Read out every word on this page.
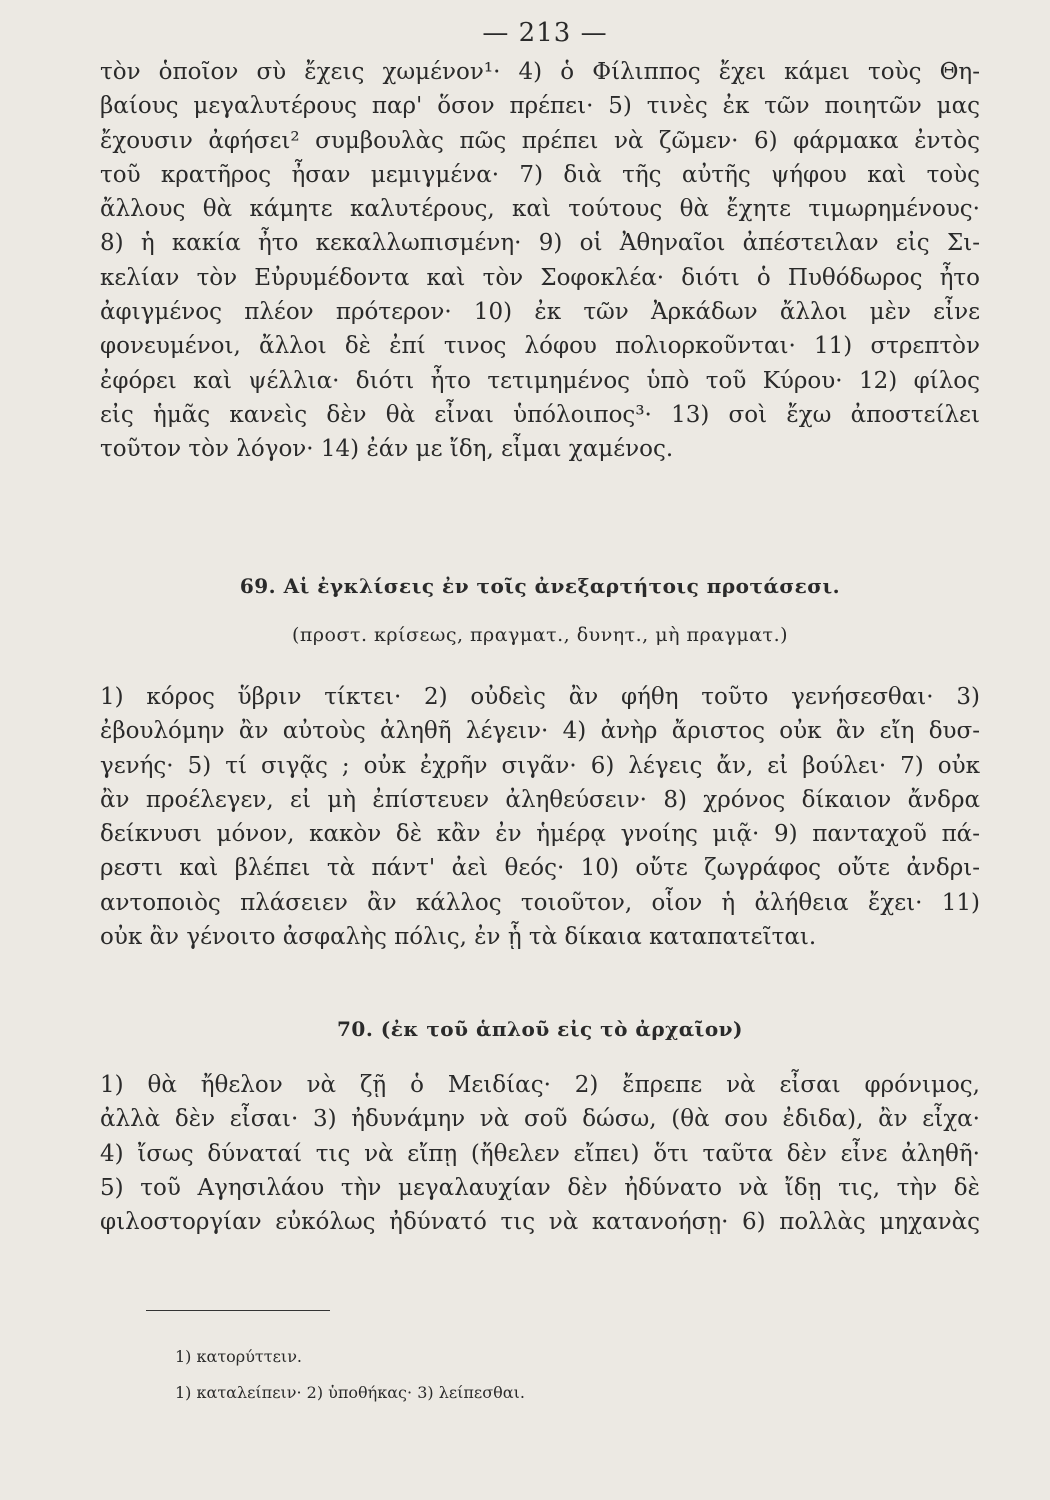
— 213 —
τὸν ὁποῖον σὺ ἔχεις χωμένον¹· 4) ὁ Φίλιππος ἔχει κάμει τοὺς Θη-
βαίους μεγαλυτέρους παρ' ὅσον πρέπει· 5) τινὲς ἐκ τῶν ποιητῶν μας
ἔχουσιν ἀφήσει² συμβουλὰς πῶς πρέπει νὰ ζῶμεν· 6) φάρμακα ἐντὸς
τοῦ κρατῆρος ἦσαν μεμιγμένα· 7) διὰ τῆς αὐτῆς ψήφου καὶ τοὺς
ἄλλους θὰ κάμητε καλυτέρους, καὶ τούτους θὰ ἔχητε τιμωρημένους·
8) ἡ κακία ἦτο κεκαλλωπισμένη· 9) οἱ Ἀθηναῖοι ἀπέστειλαν εἰς Σι-
κελίαν τὸν Εὐρυμέδοντα καὶ τὸν Σοφοκλέα· διότι ὁ Πυθόδωρος ἦτο
ἀφιγμένος πλέον πρότερον· 10) ἐκ τῶν Ἀρκάδων ἄλλοι μὲν εἶνε
φονευμένοι, ἄλλοι δὲ ἐπί τινος λόφου πολιορκοῦνται· 11) στρεπτὸν
ἐφόρει καὶ ψέλλια· διότι ἦτο τετιμημένος ὑπὸ τοῦ Κύρου· 12) φίλος
εἰς ἡμᾶς κανεὶς δὲν θὰ εἶναι ὑπόλοιπος³· 13) σοὶ ἔχω ἀποστείλει
τοῦτον τὸν λόγον· 14) ἐάν με ἴδη, εἶμαι χαμένος.
69. Αἱ ἐγκλίσεις ἐν τοῖς ἀνεξαρτήτοις προτάσεσι.
(προστ. κρίσεως, πραγματ., δυνητ., μὴ πραγματ.)
1) κόρος ὕβριν τίκτει· 2) οὐδεὶς ἂν φήθη τοῦτο γενήσεσθαι· 3)
ἐβουλόμην ἂν αὐτοὺς ἀληθῆ λέγειν· 4) ἀνὴρ ἄριστος οὐκ ἂν εἴη δυσ-
γενής· 5) τί σιγᾷς ; οὐκ ἐχρῆν σιγᾶν· 6) λέγεις ἄν, εἰ βούλει· 7) οὐκ
ἂν προέλεγεν, εἰ μὴ ἐπίστευεν ἀληθεύσειν· 8) χρόνος δίκαιον ἄνδρα
δείκνυσι μόνον, κακὸν δὲ κἂν ἐν ἡμέρᾳ γνοίης μιᾷ· 9) πανταχοῦ πά-
ρεστι καὶ βλέπει τὰ πάντ' ἀεὶ θεός· 10) οὔτε ζωγράφος οὔτε ἀνδρι-
αντοποιὸς πλάσειεν ἂν κάλλος τοιοῦτον, οἷον ἡ ἀλήθεια ἔχει· 11)
οὐκ ἂν γένοιτο ἀσφαλὴς πόλις, ἐν ᾗ τὰ δίκαια καταπατεῖται.
70. (ἐκ τοῦ ἁπλοῦ εἰς τὸ ἀρχαῖον)
1) θὰ ἤθελον νὰ ζῇ ὁ Μειδίας· 2) ἔπρεπε νὰ εἶσαι φρόνιμος,
ἀλλὰ δὲν εἶσαι· 3) ἠδυνάμην νὰ σοῦ δώσω, (θὰ σου ἐδιδα), ἂν εἶχα·
4) ἴσως δύναταί τις νὰ εἴπῃ (ἤθελεν εἴπει) ὅτι ταῦτα δὲν εἶνε ἀληθῆ·
5) τοῦ Αγησιλάου τὴν μεγαλαυχίαν δὲν ἠδύνατο νὰ ἴδῃ τις, τὴν δὲ
φιλοστοργίαν εὐκόλως ἠδύνατό τις νὰ κατανοήσῃ· 6) πολλὰς μηχανὰς
1) κατορύττειν.
1) καταλείπειν· 2) ὑποθήκας· 3) λείπεσθαι.
